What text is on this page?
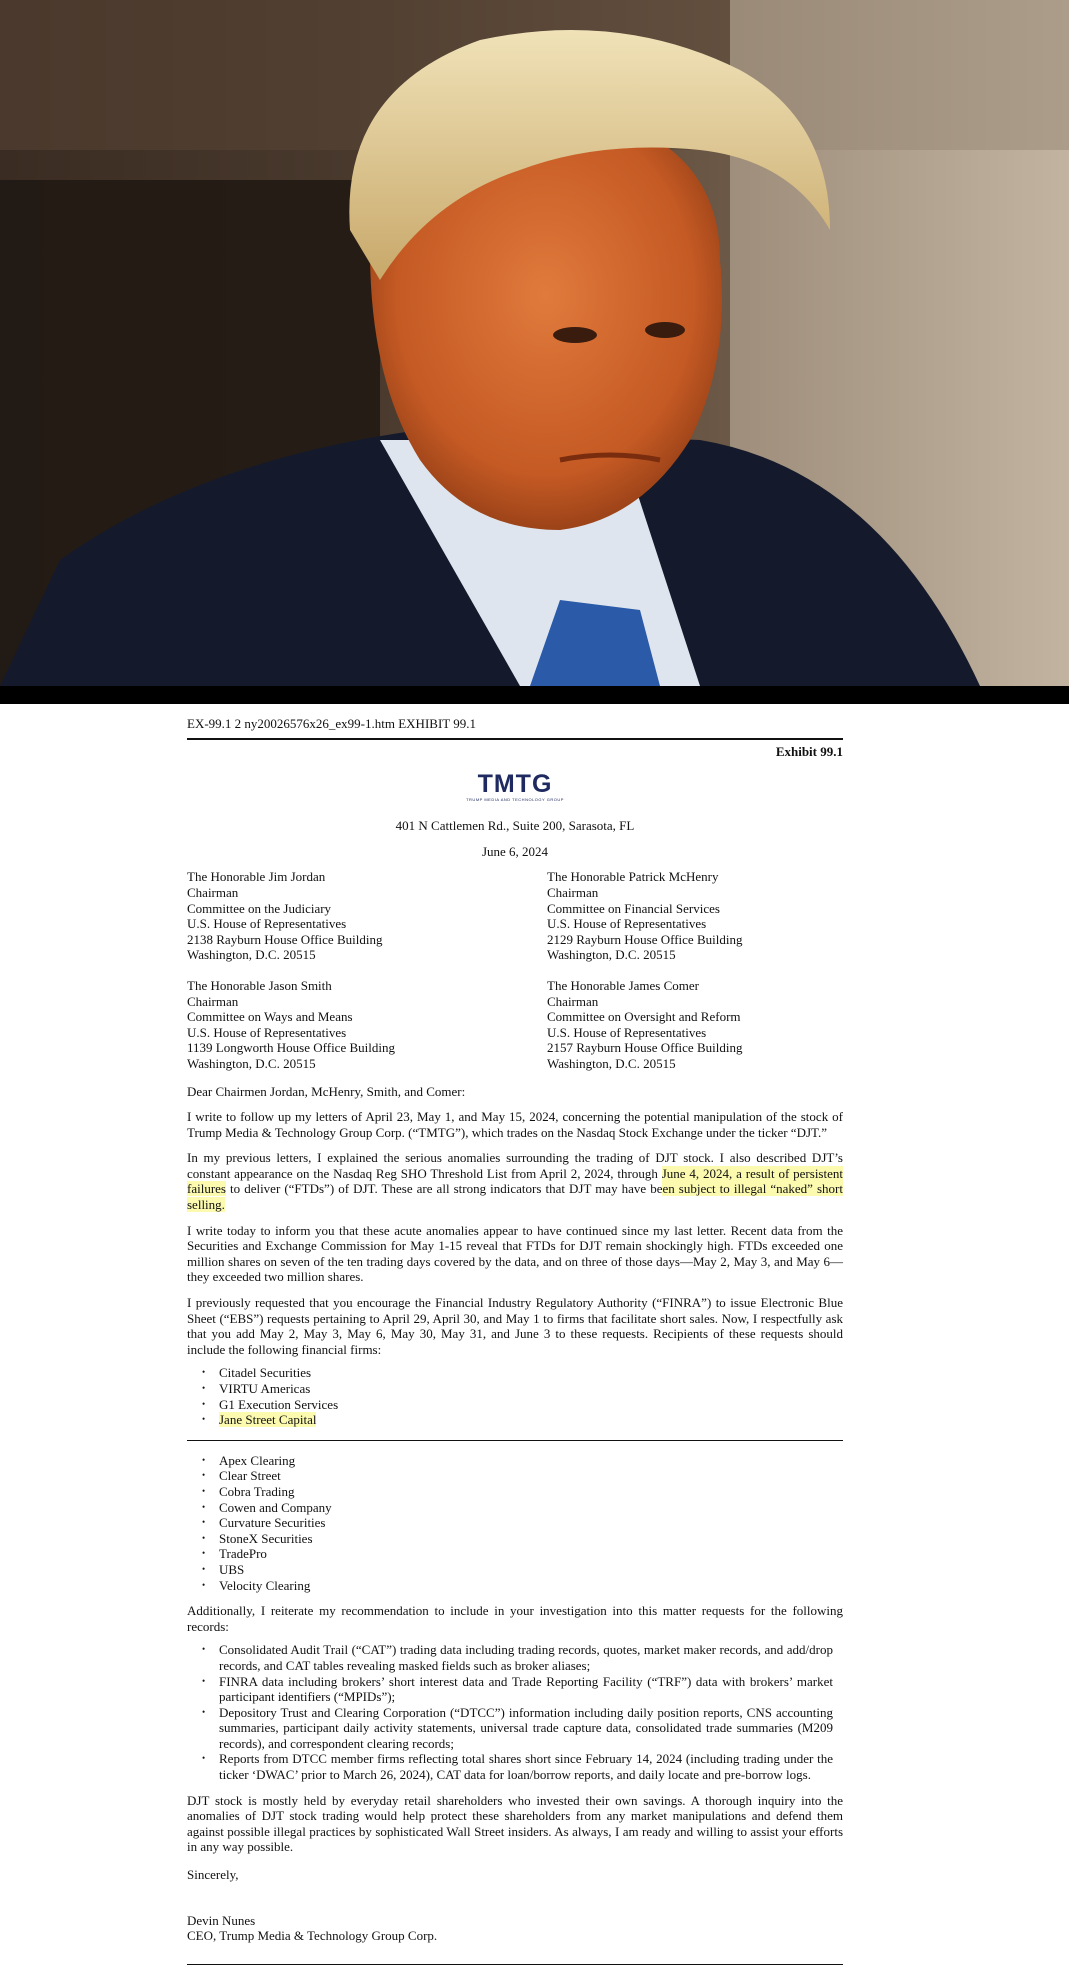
EX-99.1 2 ny20026576x26_ex99-1.htm EXHIBIT 99.1
Exhibit 99.1
TMTG
TRUMP MEDIA AND TECHNOLOGY GROUP
401 N Cattlemen Rd., Suite 200, Sarasota, FL
June 6, 2024
The Honorable Jim Jordan
Chairman
Committee on the Judiciary
U.S. House of Representatives
2138 Rayburn House Office Building
Washington, D.C. 20515
The Honorable Patrick McHenry
Chairman
Committee on Financial Services
U.S. House of Representatives
2129 Rayburn House Office Building
Washington, D.C. 20515
The Honorable Jason Smith
Chairman
Committee on Ways and Means
U.S. House of Representatives
1139 Longworth House Office Building
Washington, D.C. 20515
The Honorable James Comer
Chairman
Committee on Oversight and Reform
U.S. House of Representatives
2157 Rayburn House Office Building
Washington, D.C. 20515

Dear Chairmen Jordan, McHenry, Smith, and Comer:

I write to follow up my letters of April 23, May 1, and May 15, 2024, concerning the potential manipulation of the stock of Trump Media & Technology Group Corp. (“TMTG”), which trades on the Nasdaq Stock Exchange under the ticker “DJT.”

In my previous letters, I explained the serious anomalies surrounding the trading of DJT stock. I also described DJT’s constant appearance on the Nasdaq Reg SHO Threshold List from April 2, 2024, through June 4, 2024, a result of persistent failures to deliver (“FTDs”) of DJT. These are all strong indicators that DJT may have been subject to illegal “naked” short selling.

I write today to inform you that these acute anomalies appear to have continued since my last letter. Recent data from the Securities and Exchange Commission for May 1-15 reveal that FTDs for DJT remain shockingly high. FTDs exceeded one million shares on seven of the ten trading days covered by the data, and on three of those days—May 2, May 3, and May 6—they exceeded two million shares.

I previously requested that you encourage the Financial Industry Regulatory Authority (“FINRA”) to issue Electronic Blue Sheet (“EBS”) requests pertaining to April 29, April 30, and May 1 to firms that facilitate short sales. Now, I respectfully ask that you add May 2, May 3, May 6, May 30, May 31, and June 3 to these requests. Recipients of these requests should include the following financial firms:

• Citadel Securities
• VIRTU Americas
• G1 Execution Services
• Jane Street Capital
• Apex Clearing
• Clear Street
• Cobra Trading
• Cowen and Company
• Curvature Securities
• StoneX Securities
• TradePro
• UBS
• Velocity Clearing

Additionally, I reiterate my recommendation to include in your investigation into this matter requests for the following records:

• Consolidated Audit Trail (“CAT”) trading data including trading records, quotes, market maker records, and add/drop records, and CAT tables revealing masked fields such as broker aliases;
• FINRA data including brokers’ short interest data and Trade Reporting Facility (“TRF”) data with brokers’ market participant identifiers (“MPIDs”);
• Depository Trust and Clearing Corporation (“DTCC”) information including daily position reports, CNS accounting summaries, participant daily activity statements, universal trade capture data, consolidated trade summaries (M209 records), and correspondent clearing records;
• Reports from DTCC member firms reflecting total shares short since February 14, 2024 (including trading under the ticker ‘DWAC’ prior to March 26, 2024), CAT data for loan/borrow reports, and daily locate and pre-borrow logs.

DJT stock is mostly held by everyday retail shareholders who invested their own savings. A thorough inquiry into the anomalies of DJT stock trading would help protect these shareholders from any market manipulations and defend them against possible illegal practices by sophisticated Wall Street insiders. As always, I am ready and willing to assist your efforts in any way possible.

Sincerely,

Devin Nunes

CEO, Trump Media & Technology Group Corp.
